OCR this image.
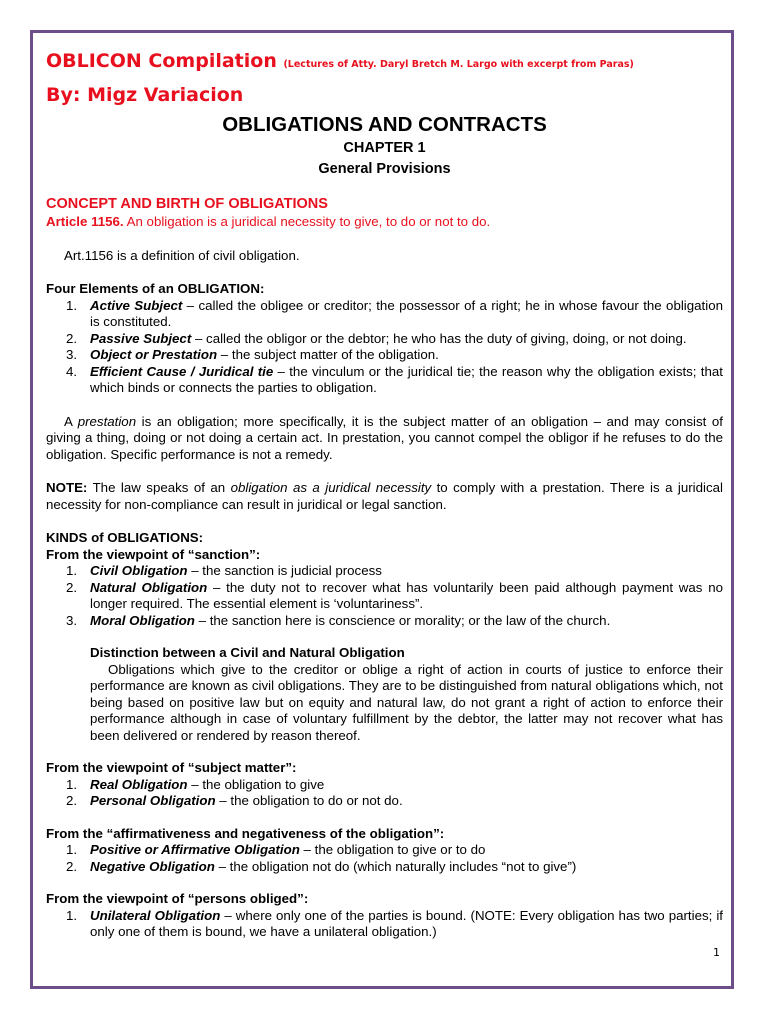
OBLICON Compilation (Lectures of Atty. Daryl Bretch M. Largo with excerpt from Paras)
By: Migz Variacion
OBLIGATIONS AND CONTRACTS
CHAPTER 1
General Provisions
CONCEPT AND BIRTH OF OBLIGATIONS

Article 1156. An obligation is a juridical necessity to give, to do or not to do.

Art.1156 is a definition of civil obligation.

Four Elements of an OBLIGATION:

1. Active Subject – called the obligee or creditor; the possessor of a right; he in whose favour the obligation is constituted.
2. Passive Subject – called the obligor or the debtor; he who has the duty of giving, doing, or not doing.
3. Object or Prestation – the subject matter of the obligation.
4. Efficient Cause / Juridical tie – the vinculum or the juridical tie; the reason why the obligation exists; that which binds or connects the parties to obligation.

A prestation is an obligation; more specifically, it is the subject matter of an obligation – and may consist of giving a thing, doing or not doing a certain act. In prestation, you cannot compel the obligor if he refuses to do the obligation. Specific performance is not a remedy.

NOTE: The law speaks of an obligation as a juridical necessity to comply with a prestation. There is a juridical necessity for non-compliance can result in juridical or legal sanction.

KINDS of OBLIGATIONS:

From the viewpoint of “sanction”:

1. Civil Obligation – the sanction is judicial process
2. Natural Obligation – the duty not to recover what has voluntarily been paid although payment was no longer required. The essential element is ‘voluntariness”.
3. Moral Obligation – the sanction here is conscience or morality; or the law of the church.

Distinction between a Civil and Natural Obligation

Obligations which give to the creditor or oblige a right of action in courts of justice to enforce their performance are known as civil obligations. They are to be distinguished from natural obligations which, not being based on positive law but on equity and natural law, do not grant a right of action to enforce their performance although in case of voluntary fulfillment by the debtor, the latter may not recover what has been delivered or rendered by reason thereof.

From the viewpoint of “subject matter”:

1. Real Obligation – the obligation to give
2. Personal Obligation – the obligation to do or not do.

From the “affirmativeness and negativeness of the obligation”:

1. Positive or Affirmative Obligation – the obligation to give or to do
2. Negative Obligation – the obligation not do (which naturally includes “not to give”)

From the viewpoint of “persons obliged”:

1. Unilateral Obligation – where only one of the parties is bound. (NOTE: Every obligation has two parties; if only one of them is bound, we have a unilateral obligation.)
1
